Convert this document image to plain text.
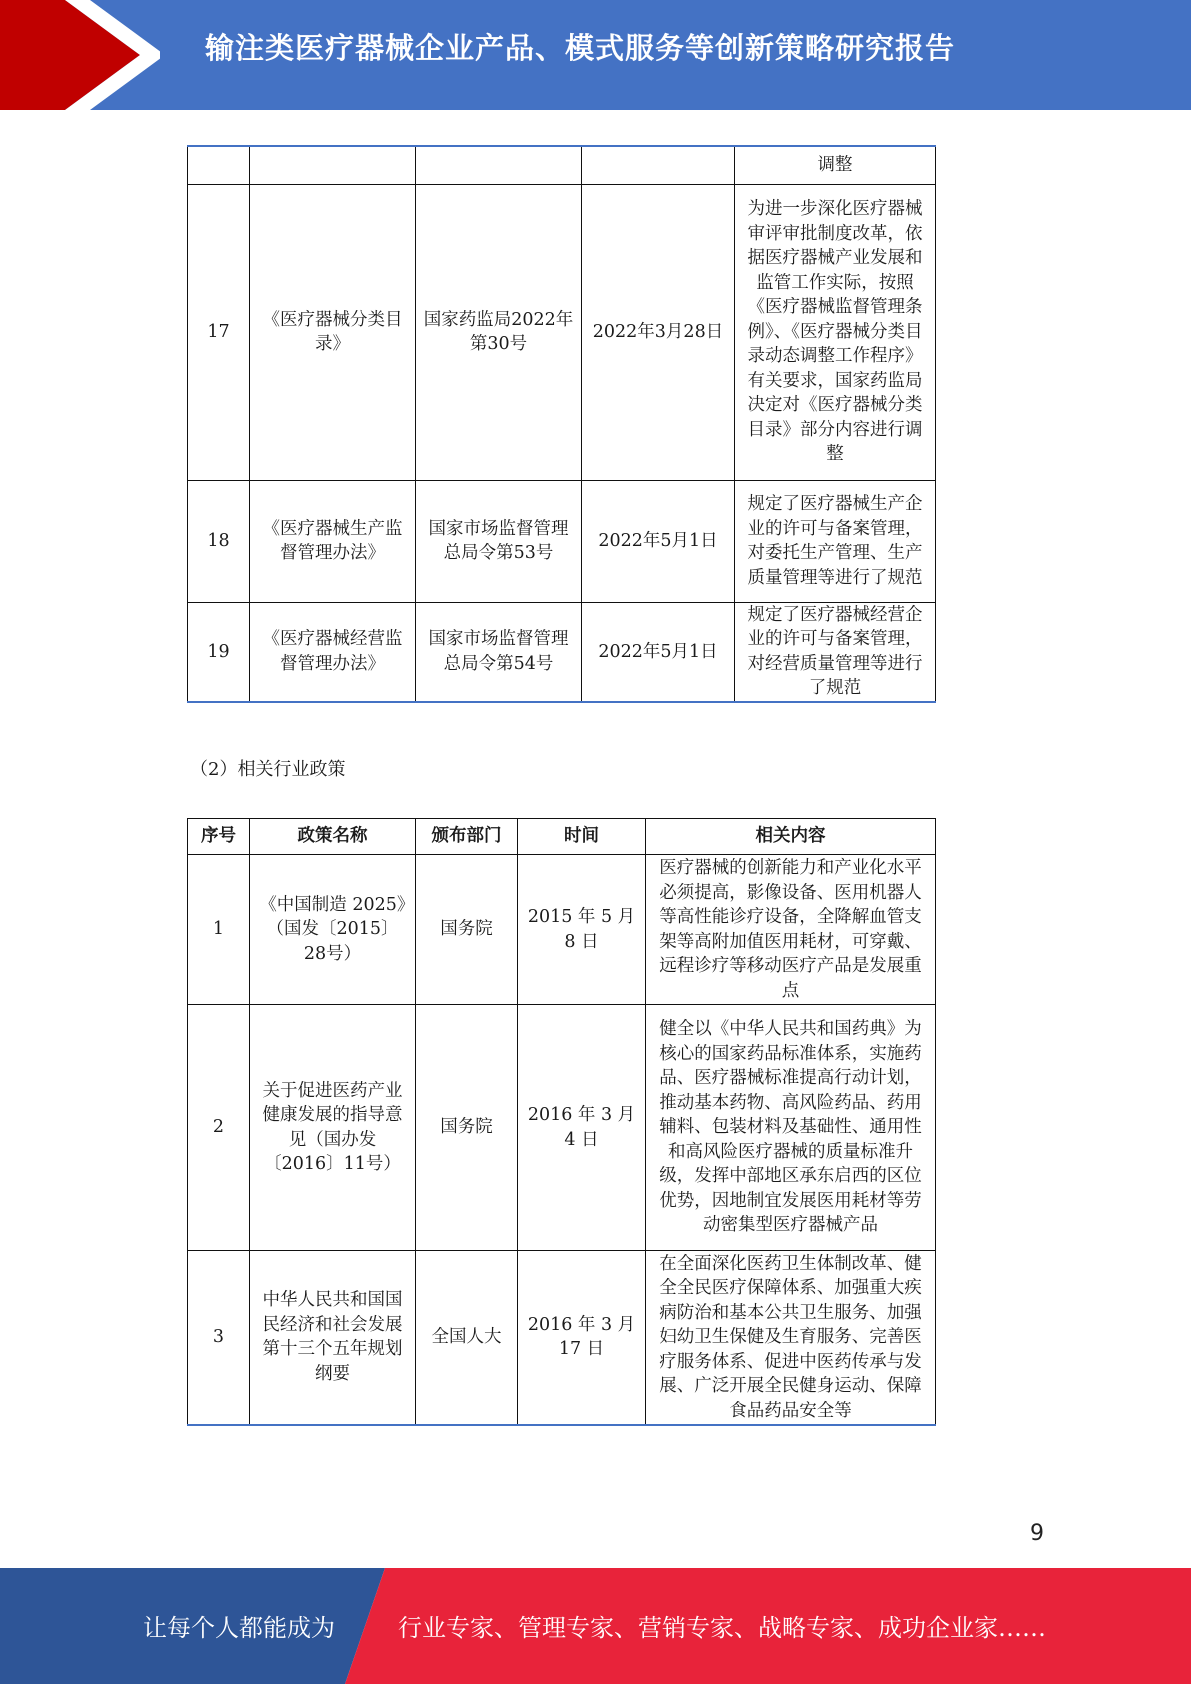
输注类医疗器械企业产品、模式服务等创新策略研究报告
				调整
17	《医疗器械分类目录》	国家药监局2022年第30号	2022年3月28日	为进一步深化医疗器械审评审批制度改革，依据医疗器械产业发展和监管工作实际，按照《医疗器械监督管理条例》、《医疗器械分类目录动态调整工作程序》有关要求，国家药监局决定对《医疗器械分类目录》部分内容进行调整
18	《医疗器械生产监督管理办法》	国家市场监督管理总局令第53号	2022年5月1日	规定了医疗器械生产企业的许可与备案管理，对委托生产管理、生产质量管理等进行了规范
19	《医疗器械经营监督管理办法》	国家市场监督管理总局令第54号	2022年5月1日	规定了医疗器械经营企业的许可与备案管理，对经营质量管理等进行了规范
（2）相关行业政策
序号	政策名称	颁布部门	时间	相关内容
1	《中国制造 2025》（国发〔2015〕28号）	国务院	2015 年 5 月 8 日	医疗器械的创新能力和产业化水平必须提高，影像设备、医用机器人等高性能诊疗设备，全降解血管支架等高附加值医用耗材，可穿戴、远程诊疗等移动医疗产品是发展重点
2	关于促进医药产业健康发展的指导意见（国办发〔2016〕11号）	国务院	2016 年 3 月 4 日	健全以《中华人民共和国药典》为核心的国家药品标准体系，实施药品、医疗器械标准提高行动计划，推动基本药物、高风险药品、药用辅料、包装材料及基础性、通用性和高风险医疗器械的质量标准升级，发挥中部地区承东启西的区位优势，因地制宜发展医用耗材等劳动密集型医疗器械产品
3	中华人民共和国国民经济和社会发展第十三个五年规划纲要	全国人大	2016 年 3 月 17 日	在全面深化医药卫生体制改革、健全全民医疗保障体系、加强重大疾病防治和基本公共卫生服务、加强妇幼卫生保健及生育服务、完善医疗服务体系、促进中医药传承与发展、广泛开展全民健身运动、保障食品药品安全等
9
让每个人都能成为	行业专家、管理专家、营销专家、战略专家、成功企业家……
